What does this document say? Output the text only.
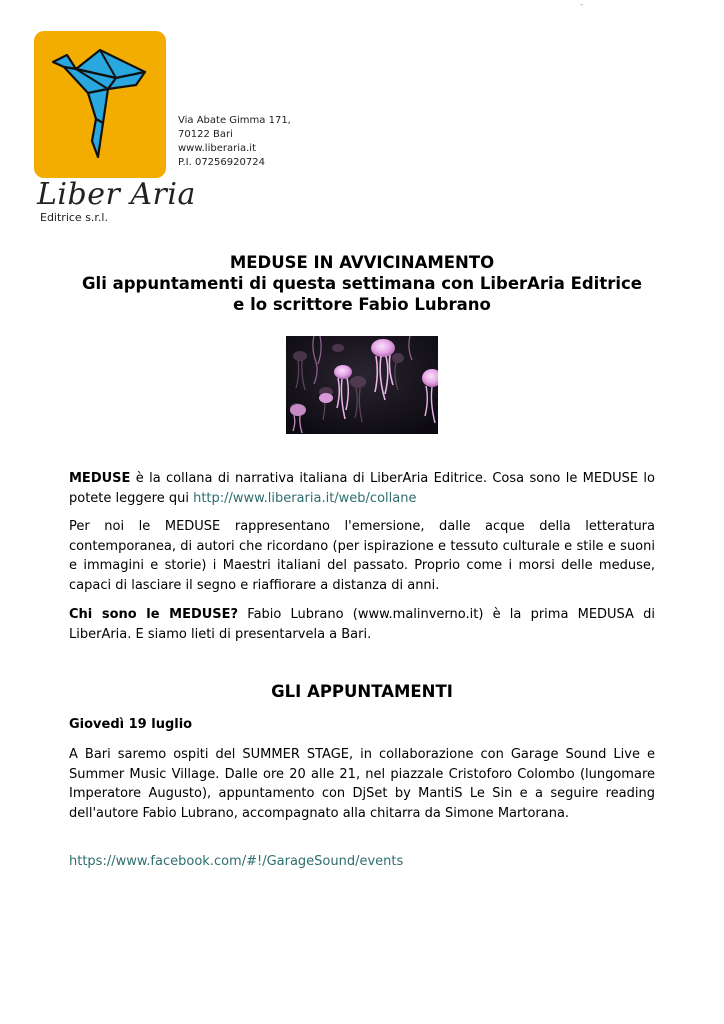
-
Liber Aria
Editrice s.r.l.
Via Abate Gimma 171,
70122 Bari
www.liberaria.it
P.I. 07256920724
MEDUSE IN AVVICINAMENTO
Gli appuntamenti di questa settimana con LiberAria Editrice
e lo scrittore Fabio Lubrano

MEDUSE è la collana di narrativa italiana di LiberAria Editrice. Cosa sono le MEDUSE lo potete leggere qui http://www.liberaria.it/web/collane

Per noi le MEDUSE rappresentano l'emersione, dalle acque della letteratura contemporanea, di autori che ricordano (per ispirazione e tessuto culturale e stile e suoni e immagini e storie) i Maestri italiani del passato. Proprio come i morsi delle meduse, capaci di lasciare il segno e riaffiorare a distanza di anni.

Chi sono le MEDUSE? Fabio Lubrano (www.malinverno.it) è la prima MEDUSA di LiberAria. E siamo lieti di presentarvela a Bari.

GLI APPUNTAMENTI
Giovedì 19 luglio

A Bari saremo ospiti del SUMMER STAGE, in collaborazione con Garage Sound Live e Summer Music Village. Dalle ore 20 alle 21, nel piazzale Cristoforo Colombo (lungomare Imperatore Augusto), appuntamento con DjSet by MantiS Le Sin e a seguire reading dell'autore Fabio Lubrano, accompagnato alla chitarra da Simone Martorana.

https://www.facebook.com/#!/GarageSound/events
